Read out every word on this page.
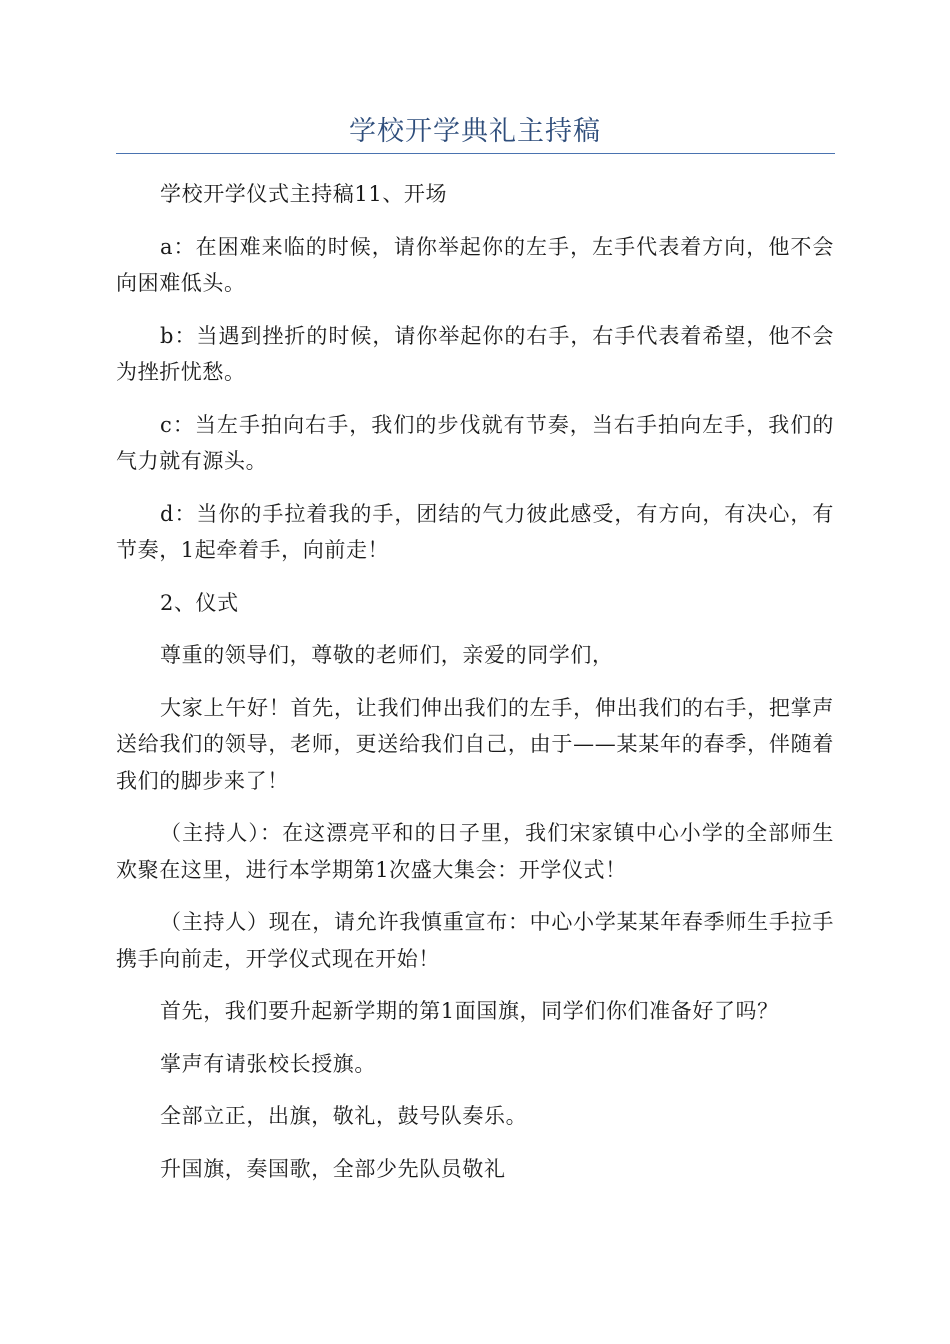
学校开学典礼主持稿

学校开学仪式主持稿11、开场

a：在困难来临的时候，请你举起你的左手，左手代表着方向，他不会向困难低头。

b：当遇到挫折的时候，请你举起你的右手，右手代表着希望，他不会为挫折忧愁。

c：当左手拍向右手，我们的步伐就有节奏，当右手拍向左手，我们的气力就有源头。

d：当你的手拉着我的手，团结的气力彼此感受，有方向，有决心，有节奏，1起牵着手，向前走！

2、仪式

尊重的领导们，尊敬的老师们，亲爱的同学们，

大家上午好！首先，让我们伸出我们的左手，伸出我们的右手，把掌声送给我们的领导，老师，更送给我们自己，由于——某某年的春季，伴随着我们的脚步来了！

（主持人）：在这漂亮平和的日子里，我们宋家镇中心小学的全部师生欢聚在这里，进行本学期第1次盛大集会：开学仪式！

（主持人）现在，请允许我慎重宣布：中心小学某某年春季师生手拉手携手向前走，开学仪式现在开始！

首先，我们要升起新学期的第1面国旗，同学们你们准备好了吗？

掌声有请张校长授旗。

全部立正，出旗，敬礼，鼓号队奏乐。

升国旗，奏国歌，全部少先队员敬礼
